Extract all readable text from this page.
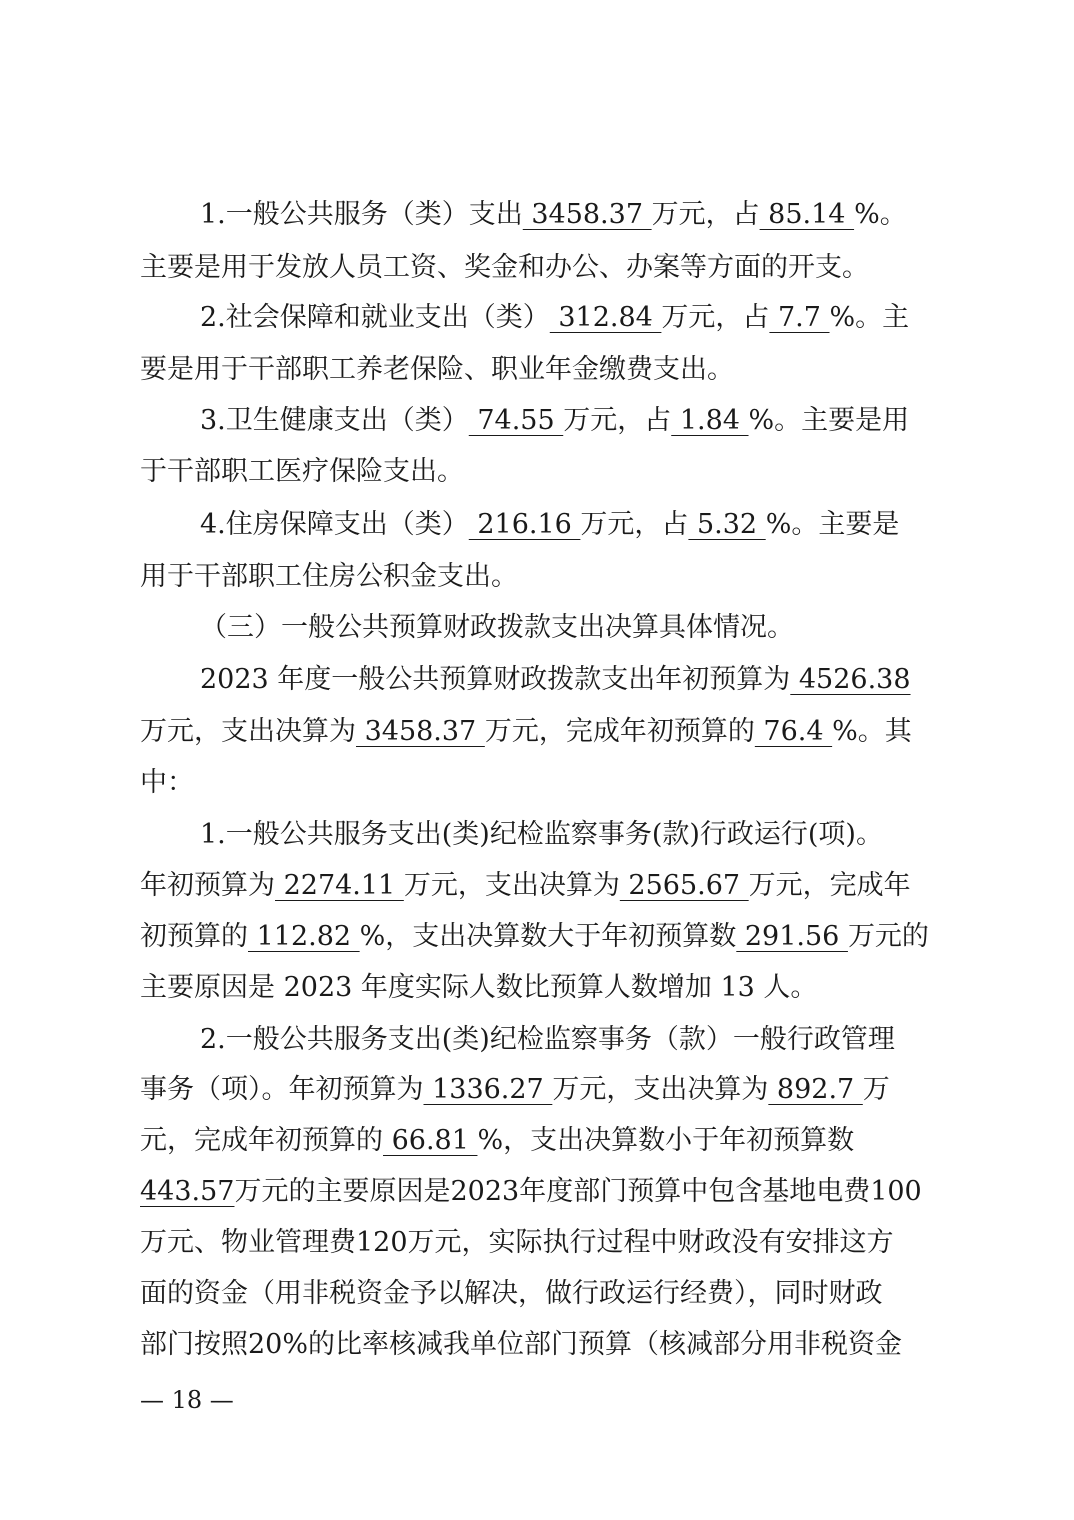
1.一般公共服务（类）支出 3458.37 万元，占 85.14 %。
主要是用于发放人员工资、奖金和办公、办案等方面的开支。
2.社会保障和就业支出（类） 312.84 万元，占 7.7 %。主
要是用于干部职工养老保险、职业年金缴费支出。
3.卫生健康支出（类） 74.55 万元，占 1.84 %。主要是用
于干部职工医疗保险支出。
4.住房保障支出（类） 216.16 万元，占 5.32 %。主要是
用于干部职工住房公积金支出。
（三）一般公共预算财政拨款支出决算具体情况。
2023 年度一般公共预算财政拨款支出年初预算为 4526.38
万元，支出决算为 3458.37 万元，完成年初预算的 76.4 %。其
中：
1.一般公共服务支出(类)纪检监察事务(款)行政运行(项)。
年初预算为 2274.11 万元，支出决算为 2565.67 万元，完成年
初预算的 112.82 %，支出决算数大于年初预算数 291.56 万元的
主要原因是 2023 年度实际人数比预算人数增加 13 人。
2.一般公共服务支出(类)纪检监察事务（款）一般行政管理
事务（项）。年初预算为 1336.27 万元，支出决算为 892.7 万
元，完成年初预算的 66.81 %，支出决算数小于年初预算数
443.57万元的主要原因是2023年度部门预算中包含基地电费100
万元、物业管理费120万元，实际执行过程中财政没有安排这方
面的资金（用非税资金予以解决，做行政运行经费），同时财政
部门按照20%的比率核减我单位部门预算（核减部分用非税资金
— 18 —
